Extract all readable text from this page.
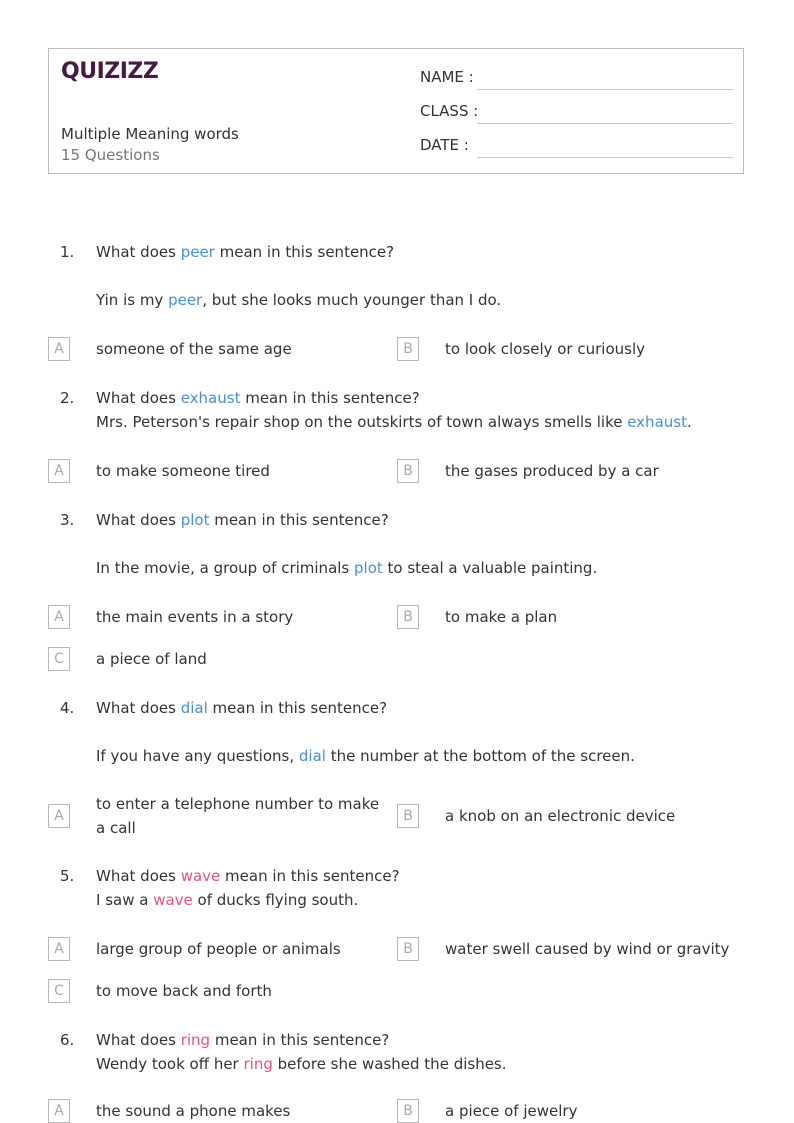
QUIZIZZ
Multiple Meaning words
15 Questions
NAME :
CLASS :
DATE :
1. What does peer mean in this sentence?
Yin is my peer, but she looks much younger than I do.
A	someone of the same age	B	to look closely or curiously
2. What does exhaust mean in this sentence?
Mrs. Peterson's repair shop on the outskirts of town always smells like exhaust.
A	to make someone tired	B	the gases produced by a car
3. What does plot mean in this sentence?
In the movie, a group of criminals plot to steal a valuable painting.
A	the main events in a story	B	to make a plan
C	a piece of land
4. What does dial mean in this sentence?
If you have any questions, dial the number at the bottom of the screen.
A
to enter a telephone number to make a call
B	a knob on an electronic device
5. What does wave mean in this sentence?
I saw a wave of ducks flying south.
A	large group of people or animals	B	water swell caused by wind or gravity
C	to move back and forth
6. What does ring mean in this sentence?
Wendy took off her ring before she washed the dishes.
A	the sound a phone makes	B	a piece of jewelry
